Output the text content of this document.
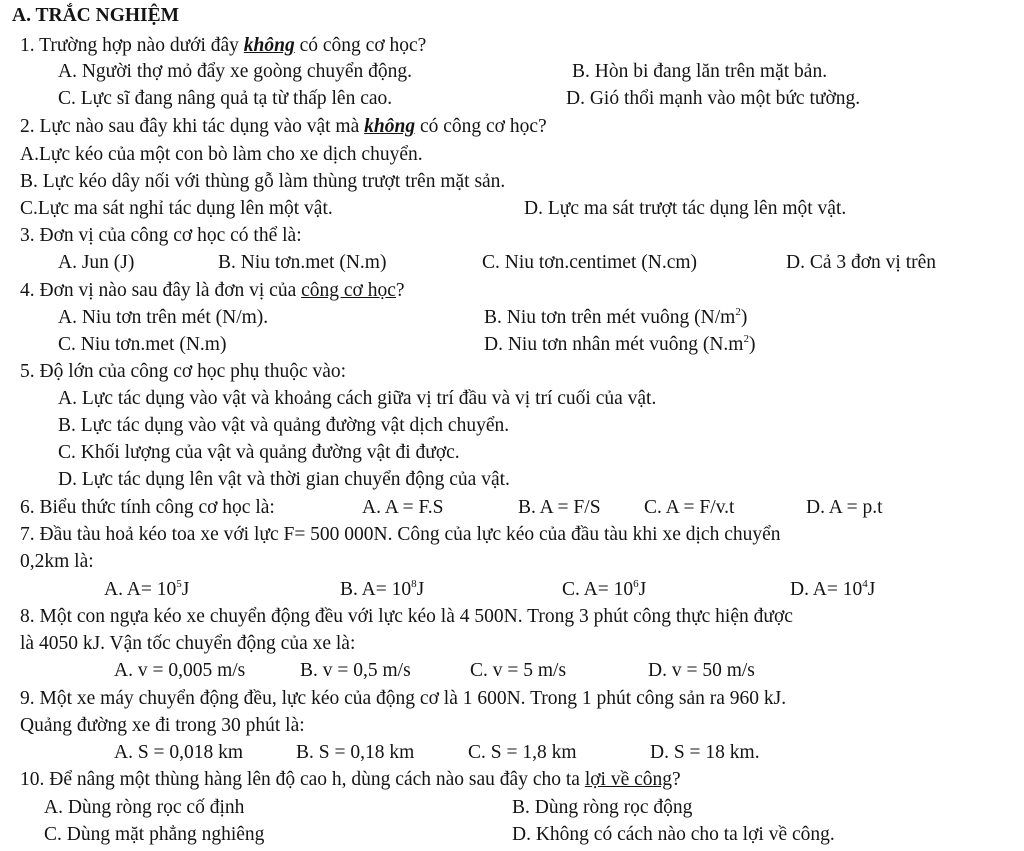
A. TRẮC NGHIỆM
1. Trường hợp nào dưới đây không có công cơ học?
A. Người thợ mỏ đẩy xe goòng chuyển động.	B. Hòn bi đang lăn trên mặt bản.
C. Lực sĩ đang nâng quả tạ từ thấp lên cao.	D. Gió thổi mạnh vào một bức tường.
2. Lực nào sau đây khi tác dụng vào vật mà không có công cơ học?
A.Lực kéo của một con bò làm cho xe dịch chuyển.
B. Lực kéo dây nối với thùng gỗ làm thùng trượt trên mặt sản.
C.Lực ma sát nghỉ tác dụng lên một vật.	D. Lực ma sát trượt tác dụng lên một vật.
3. Đơn vị của công cơ học có thể là:
A. Jun (J)	B. Niu tơn.met (N.m)	C. Niu tơn.centimet (N.cm)	D. Cả 3 đơn vị trên
4. Đơn vị nào sau đây là đơn vị của công cơ học?
A. Niu tơn trên mét (N/m).	B. Niu tơn trên mét vuông $(N/m^2)$
C. Niu tơn.met (N.m)	D. Niu tơn nhân mét vuông $(N.m^2)$
5. Độ lớn của công cơ học phụ thuộc vào:
A. Lực tác dụng vào vật và khoảng cách giữa vị trí đầu và vị trí cuối của vật.
B. Lực tác dụng vào vật và quảng đường vật dịch chuyển.
C. Khối lượng của vật và quảng đường vật đi được.
D. Lực tác dụng lên vật và thời gian chuyển động của vật.
6. Biểu thức tính công cơ học là:	A. A = F.S	B. A = F/S C. A = F/v.t	D. A = p.t
7. Đầu tàu hoả kéo toa xe với lực F= 500 000N. Công của lực kéo của đầu tàu khi xe dịch chuyển
0,2km là:
A. $A= 10^5J$	B. $A= 10^8J$	C. $A= 10^6J$	D. $A= 10^4J$
8. Một con ngựa kéo xe chuyển động đều với lực kéo là 4 500N. Trong 3 phút công thực hiện được
là 4050 kJ. Vận tốc chuyển động của xe là:
A. v = 0,005 m/s	B. v = 0,5 m/s	C. v = 5 m/s	D. v = 50 m/s
9. Một xe máy chuyển động đều, lực kéo của động cơ là 1 600N. Trong 1 phút công sản ra 960 kJ.
Quảng đường xe đi trong 30 phút là:
A. S = 0,018 km	B. S = 0,18 km	C. S = 1,8 km	D. S = 18 km.
10. Để nâng một thùng hàng lên độ cao h, dùng cách nào sau đây cho ta lợi về công?
A. Dùng ròng rọc cố định	B. Dùng ròng rọc động
C. Dùng mặt phẳng nghiêng	D. Không có cách nào cho ta lợi về công.
